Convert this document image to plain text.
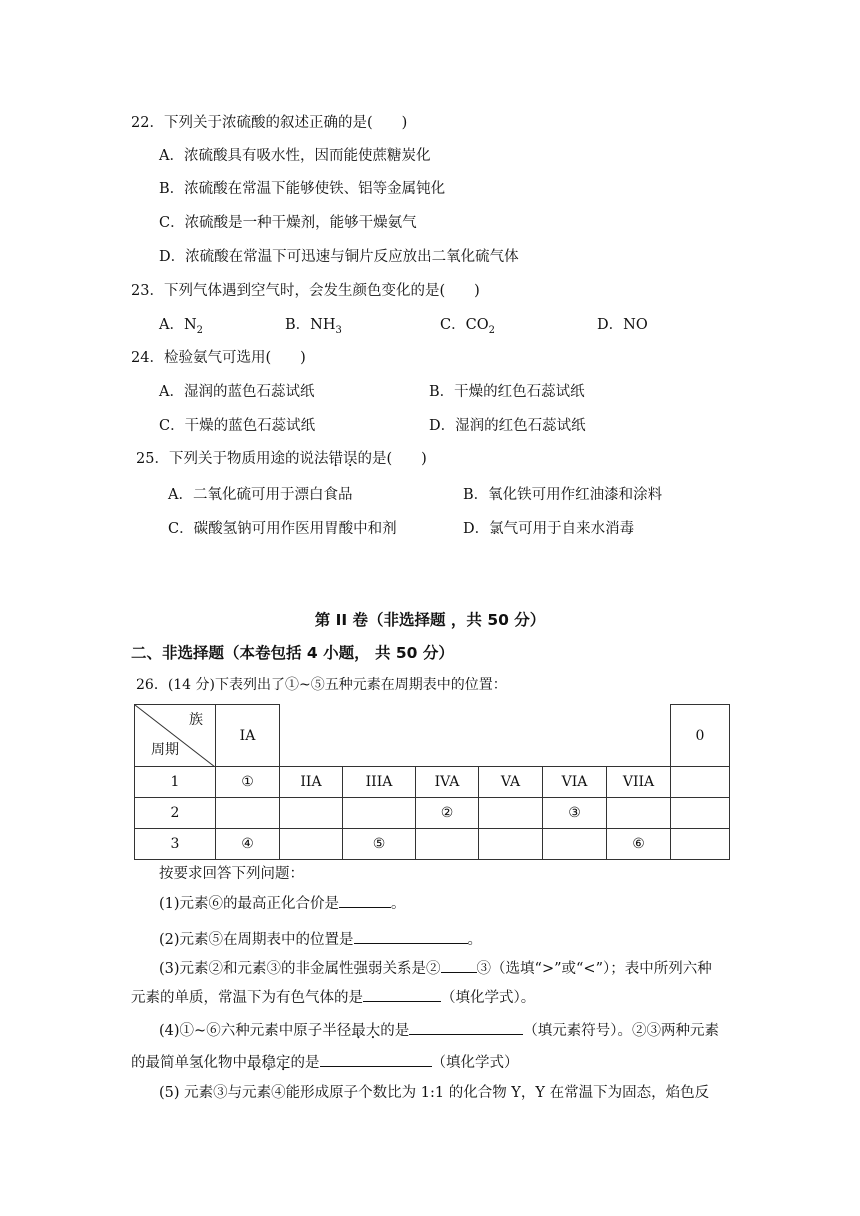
22．下列关于浓硫酸的叙述正确的是(　　)
A．浓硫酸具有吸水性，因而能使蔗糖炭化
B．浓硫酸在常温下能够使铁、铝等金属钝化
C．浓硫酸是一种干燥剂，能够干燥氨气
D．浓硫酸在常温下可迅速与铜片反应放出二氧化硫气体
23．下列气体遇到空气时，会发生颜色变化的是(　　)
A．$N_2$	B．$NH_3$	C．$CO_2$	D．NO
24．检验氨气可选用(　　)
A．湿润的蓝色石蕊试纸	B．干燥的红色石蕊试纸
C．干燥的蓝色石蕊试纸	D．湿润的红色石蕊试纸
25．下列关于物质用途的说法错误的是(　　)
A．二氧化硫可用于漂白食品	B．氧化铁可用作红油漆和涂料
C．碳酸氢钠可用作医用胃酸中和剂	D．氯气可用于自来水消毒
第 II 卷（非选择题 ，共 50 分）
二、非选择题（本卷包括 4 小题， 共 50 分）
26．(14 分)下表列出了①~⑤五种元素在周期表中的位置：
族
周期	IA							0
1	①	IIA	IIIA	IVA	VA	VIA	VIIA	
2				②		③		
3	④		⑤				⑥	
按要求回答下列问题：
(1)元素⑥的最高正化合价是	。
(2)元素⑤在周期表中的位置是	。
(3)元素②和元素③的非金属性强弱关系是② ③（选填“>”或“<”）；表中所列六种
元素的单质，常温下为有色气体的是	（填化学式）。
(4)①~⑥六种元素中原子半径最大的是	（填元素符号）。②③两种元素
的最简单氢化物中最稳定的是	（填化学式）
(5) 元素③与元素④能形成原子个数比为 1:1 的化合物 Y，Y 在常温下为固态，焰色反
